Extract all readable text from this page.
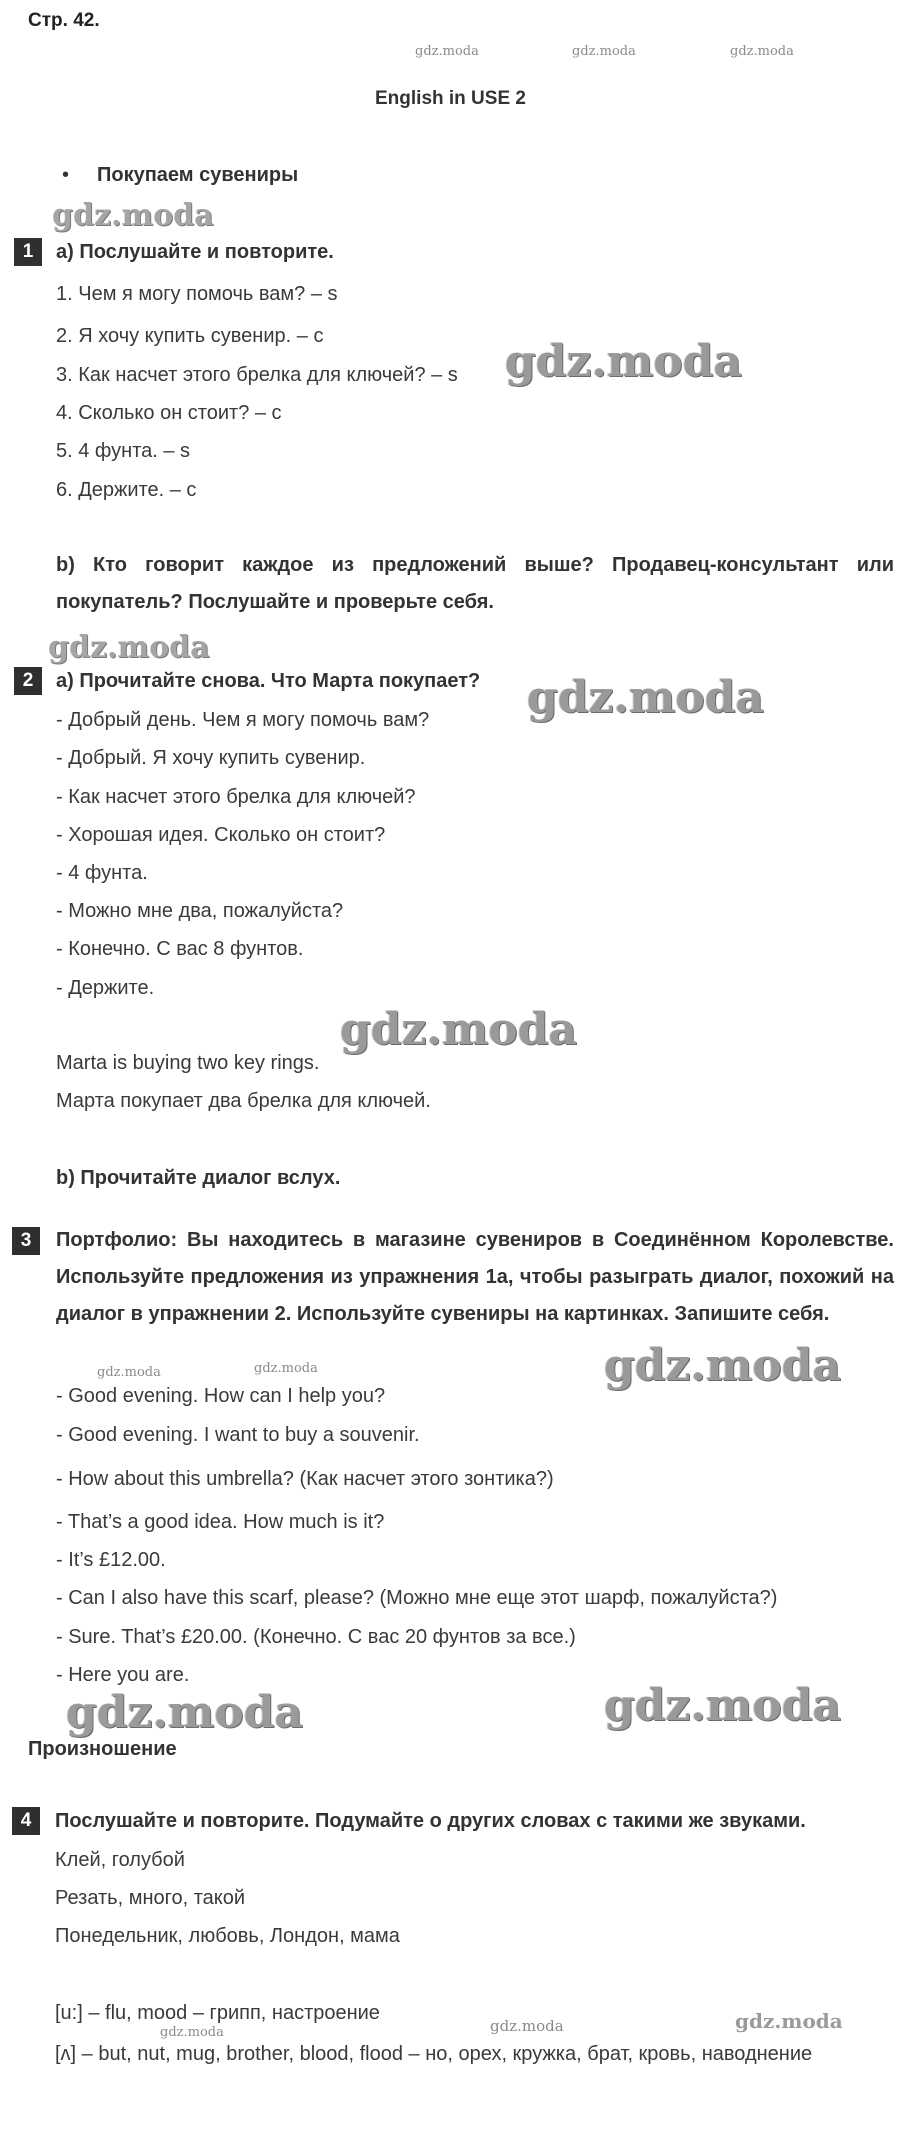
Стр. 42.
gdz.moda	gdz.moda	gdz.moda
English in USE 2
• Покупаем сувениры
gdz.moda
1	а) Послушайте и повторите.
1. Чем я могу помочь вам? – s
2. Я хочу купить сувенир. – c
3. Как насчет этого брелка для ключей? – s gdz.moda
4. Сколько он стоит? – c
5. 4 фунта. – s
6. Держите. – c
b) Кто говорит каждое из предложений выше? Продавец-консультант или покупатель? Послушайте и проверьте себя.
gdz.moda
2	а) Прочитайте снова. Что Марта покупает? gdz.moda
- Добрый день. Чем я могу помочь вам?
- Добрый. Я хочу купить сувенир.
- Как насчет этого брелка для ключей?
- Хорошая идея. Сколько он стоит?
- 4 фунта.
- Можно мне два, пожалуйста?
- Конечно. С вас 8 фунтов.
- Держите.
gdz.moda
Marta is buying two key rings.
Марта покупает два брелка для ключей.
b) Прочитайте диалог вслух.
3	Портфолио: Вы находитесь в магазине сувениров в Соединённом Королевстве. Используйте предложения из упражнения 1а, чтобы разыграть диалог, похожий на диалог в упражнении 2. Используйте сувениры на картинках. Запишите себя.
gdz.moda	gdz.moda	gdz.moda
- Good evening. How can I help you?
- Good evening. I want to buy a souvenir.
- How about this umbrella? (Как насчет этого зонтика?)
- That’s a good idea. How much is it?
- It’s £12.00.
- Can I also have this scarf, please? (Можно мне еще этот шарф, пожалуйста?)
- Sure. That’s £20.00. (Конечно. С вас 20 фунтов за все.)
- Here you are.
gdz.moda	gdz.moda
Произношение
4	Послушайте и повторите. Подумайте о других словах с такими же звуками.
Клей, голубой
Резать, много, такой
Понедельник, любовь, Лондон, мама
[u:] – flu, mood – грипп, настроение
gdz.moda	gdz.moda	gdz.moda
[ʌ] – but, nut, mug, brother, blood, flood – но, орех, кружка, брат, кровь, наводнение
